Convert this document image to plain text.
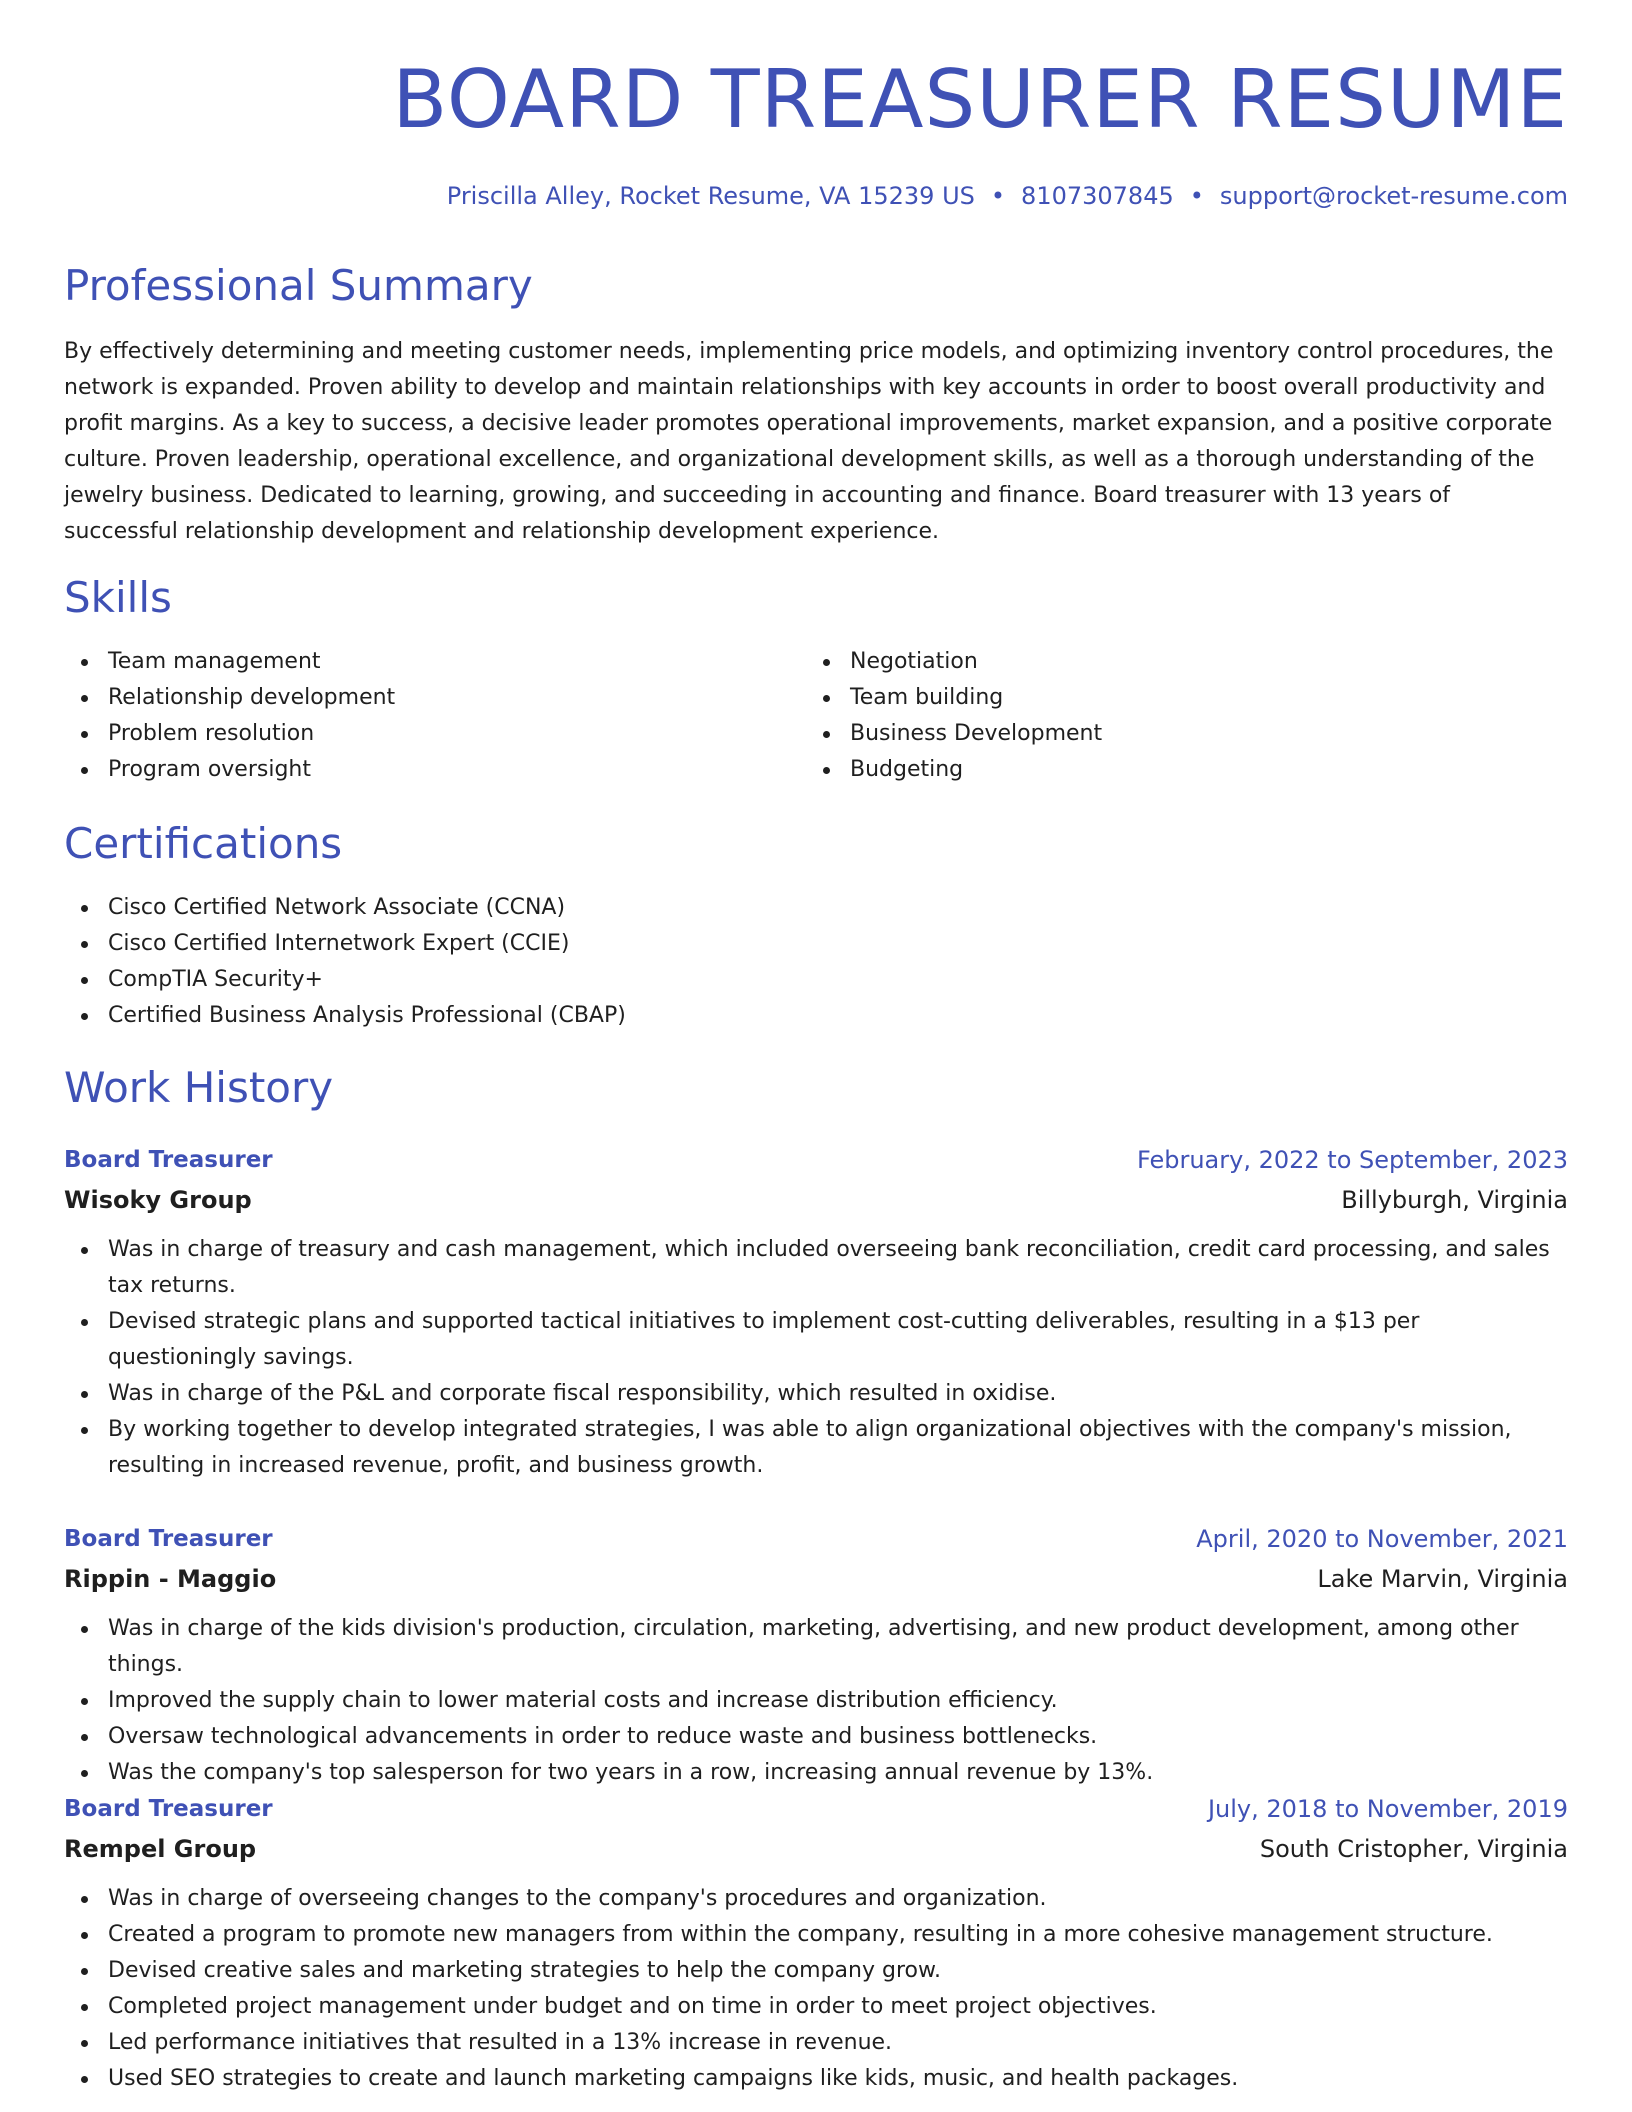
BOARD TREASURER RESUME
Priscilla Alley, Rocket Resume, VA 15239 US • 8107307845 • support@rocket-resume.com
Professional Summary

By effectively determining and meeting customer needs, implementing price models, and optimizing inventory control procedures, the network is expanded. Proven ability to develop and maintain relationships with key accounts in order to boost overall productivity and profit margins. As a key to success, a decisive leader promotes operational improvements, market expansion, and a positive corporate culture. Proven leadership, operational excellence, and organizational development skills, as well as a thorough understanding of the jewelry business. Dedicated to learning, growing, and succeeding in accounting and finance. Board treasurer with 13 years of successful relationship development and relationship development experience.

Skills
Team management
Relationship development
Problem resolution
Program oversight
Negotiation
Team building
Business Development
Budgeting
Certifications
Cisco Certified Network Associate (CCNA)
Cisco Certified Internetwork Expert (CCIE)
CompTIA Security+
Certified Business Analysis Professional (CBAP)
Work History
Board Treasurer	February, 2022 to September, 2023
Wisoky Group	Billyburgh, Virginia
Was in charge of treasury and cash management, which included overseeing bank reconciliation, credit card processing, and sales tax returns.
Devised strategic plans and supported tactical initiatives to implement cost-cutting deliverables, resulting in a $13 per questioningly savings.
Was in charge of the P&L and corporate fiscal responsibility, which resulted in oxidise.
By working together to develop integrated strategies, I was able to align organizational objectives with the company's mission, resulting in increased revenue, profit, and business growth.
Board Treasurer	April, 2020 to November, 2021
Rippin - Maggio	Lake Marvin, Virginia
Was in charge of the kids division's production, circulation, marketing, advertising, and new product development, among other things.
Improved the supply chain to lower material costs and increase distribution efficiency.
Oversaw technological advancements in order to reduce waste and business bottlenecks.
Was the company's top salesperson for two years in a row, increasing annual revenue by 13%.
Board Treasurer	July, 2018 to November, 2019
Rempel Group	South Cristopher, Virginia
Was in charge of overseeing changes to the company's procedures and organization.
Created a program to promote new managers from within the company, resulting in a more cohesive management structure.
Devised creative sales and marketing strategies to help the company grow.
Completed project management under budget and on time in order to meet project objectives.
Led performance initiatives that resulted in a 13% increase in revenue.
Used SEO strategies to create and launch marketing campaigns like kids, music, and health packages.
